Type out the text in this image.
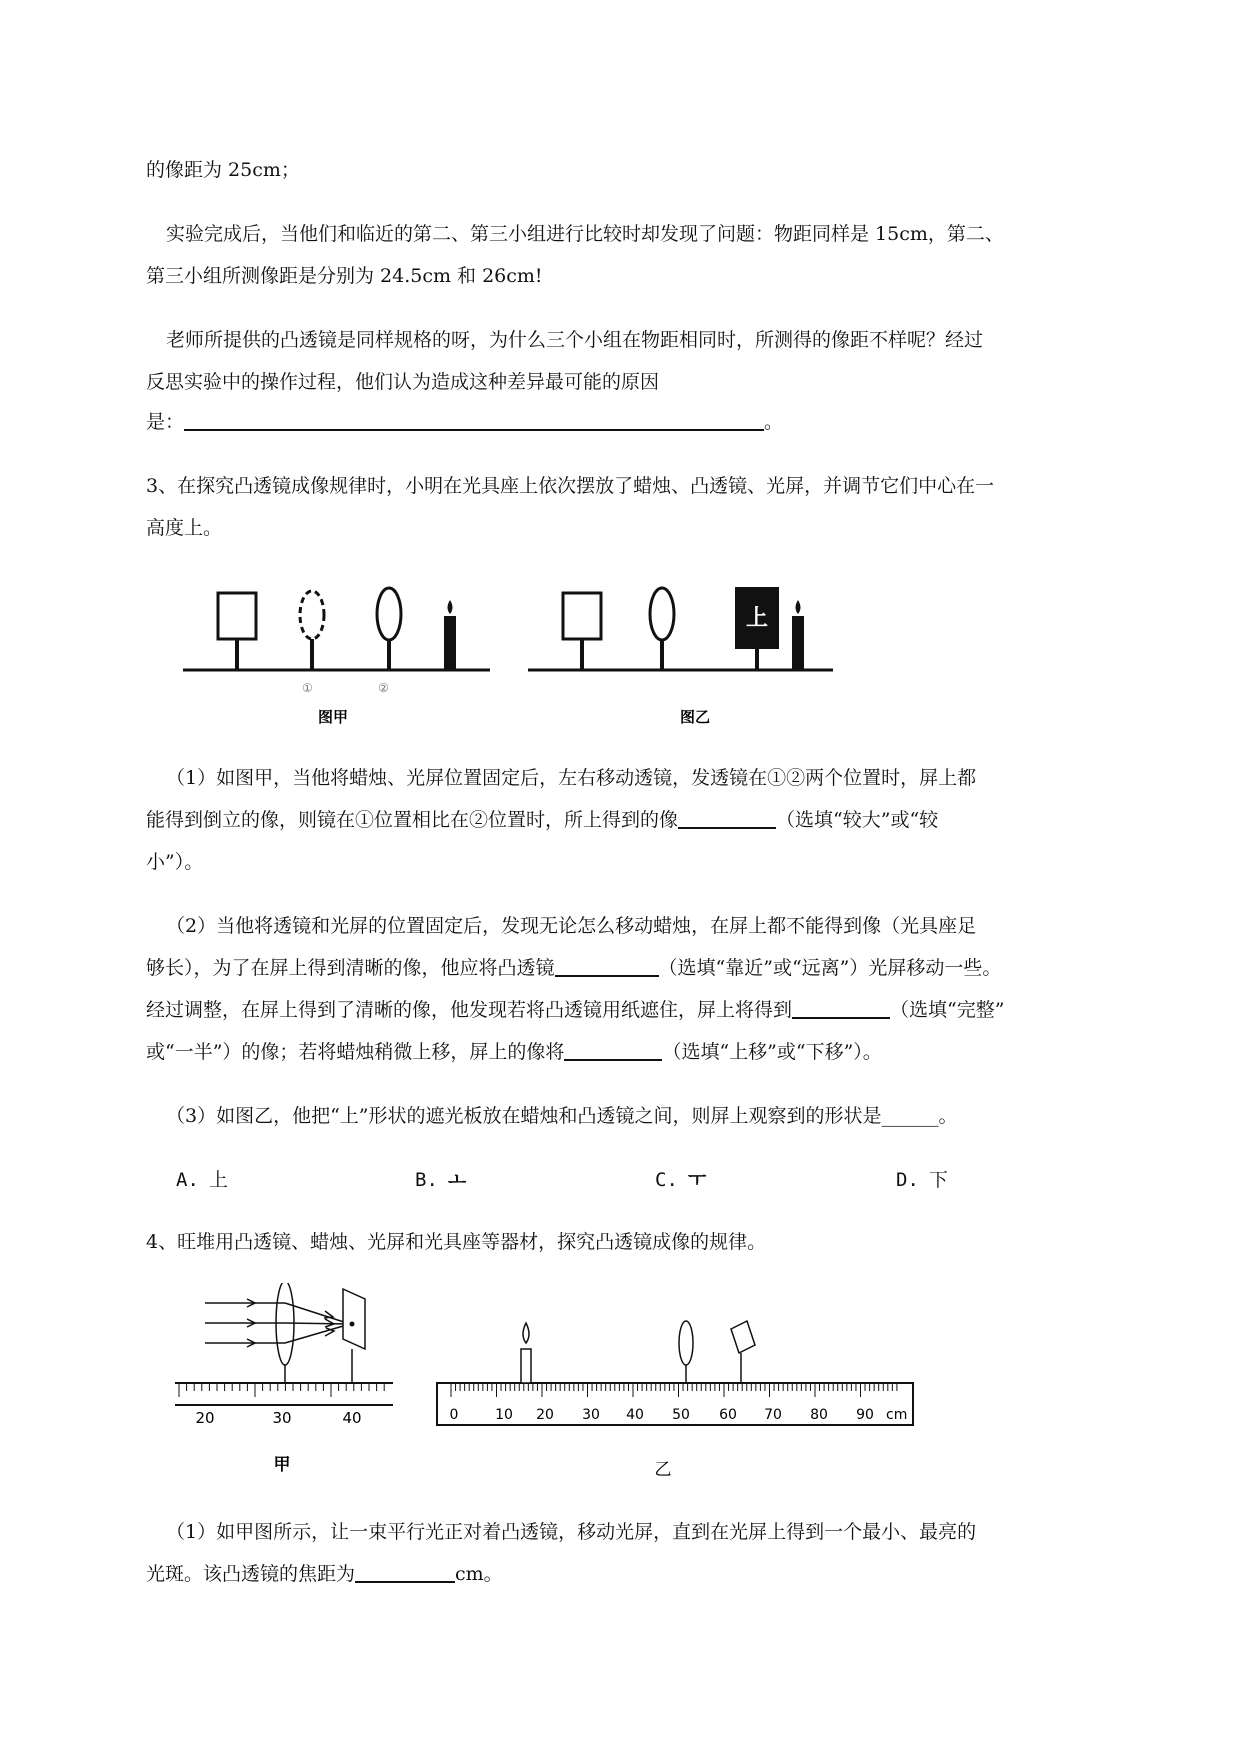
的像距为 25cm；
实验完成后，当他们和临近的第二、第三小组进行比较时却发现了问题：物距同样是 15cm，第二、
第三小组所测像距是分别为 24.5cm 和 26cm!
老师所提供的凸透镜是同样规格的呀，为什么三个小组在物距相同时，所测得的像距不样呢？经过
反思实验中的操作过程，他们认为造成这种差异最可能的原因
是：	。
3、在探究凸透镜成像规律时，小明在光具座上依次摆放了蜡烛、凸透镜、光屏，并调节它们中心在一
高度上。
①	②
图甲
上
图乙
（1）如图甲，当他将蜡烛、光屏位置固定后，左右移动透镜，发透镜在①②两个位置时，屏上都
能得到倒立的像，则镜在①位置相比在②位置时，所上得到的像	（选填“较大”或“较
小”）。
（2）当他将透镜和光屏的位置固定后，发现无论怎么移动蜡烛，在屏上都不能得到像（光具座足
够长），为了在屏上得到清晰的像，他应将凸透镜	（选填“靠近”或“远离”）光屏移动一些。
经过调整，在屏上得到了清晰的像，他发现若将凸透镜用纸遮住，屏上将得到	（选填“完整”
或“一半”）的像；若将蜡烛稍微上移，屏上的像将	（选填“上移”或“下移”）。
（3）如图乙，他把“上”形状的遮光板放在蜡烛和凸透镜之间，则屏上观察到的形状是______。
A. 上	B. ㅗ	C. ㅜ	D. 下
4、旺堆用凸透镜、蜡烛、光屏和光具座等器材，探究凸透镜成像的规律。
20	30	40
甲
0	10 20 30 40 50 60 70 80 90 cm
乙
（1）如甲图所示，让一束平行光正对着凸透镜，移动光屏，直到在光屏上得到一个最小、最亮的
光斑。该凸透镜的焦距为	cm。
